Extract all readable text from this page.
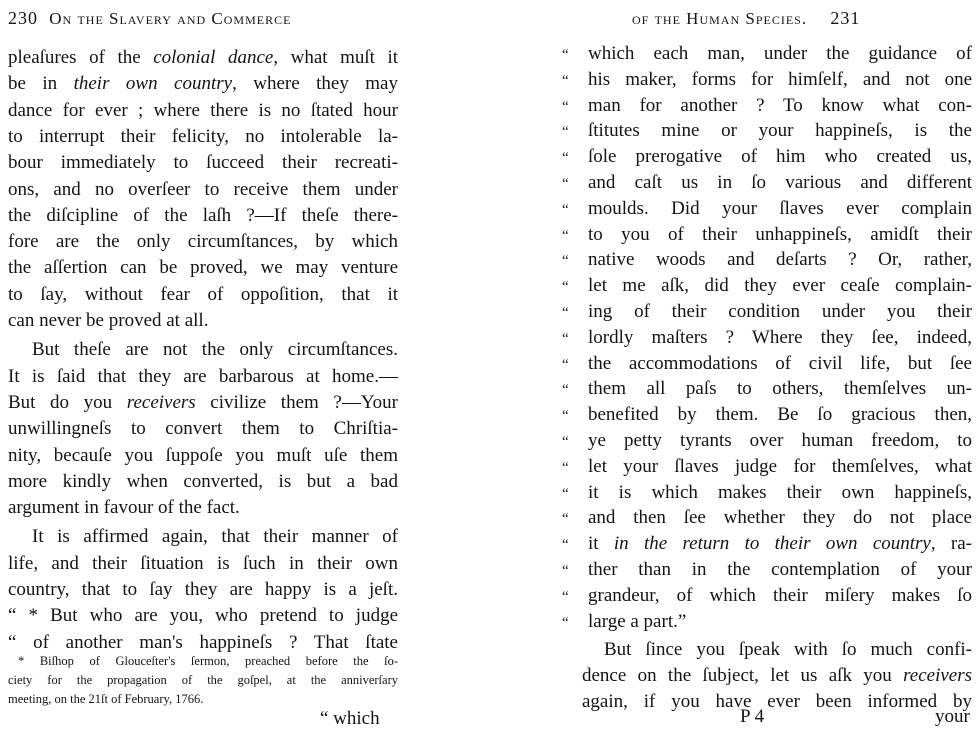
230 On the Slavery and Commerce
pleaſures of the colonial dance, what muſt it
be in their own country, where they may
dance for ever ; where there is no ſtated hour
to interrupt their felicity, no intolerable la-
bour immediately to ſucceed their recreati-
ons, and no overſeer to receive them under
the diſcipline of the laſh ?—If theſe there-
fore are the only circumſtances, by which
the aſſertion can be proved, we may venture
to ſay, without fear of oppoſition, that it
can never be proved at all.
But theſe are not the only circumſtances.
It is ſaid that they are barbarous at home.—
But do you receivers civilize them ?—Your
unwillingneſs to convert them to Chriſtia-
nity, becauſe you ſuppoſe you muſt uſe them
more kindly when converted, is but a bad
argument in favour of the fact.
It is affirmed again, that their manner of
life, and their ſituation is ſuch in their own
country, that to ſay they are happy is a jeſt.
“ * But who are you, who pretend to judge
“ of another man's happineſs ? That ſtate
* Biſhop of Glouceſter's ſermon, preached before the ſo-
ciety for the propagation of the goſpel, at the anniverſary
meeting, on the 21ſt of February, 1766.
“ which
of the Human Species. 231
“ which each man, under the guidance of
“ his maker, forms for himſelf, and not one
“ man for another ? To know what con-
“ ſtitutes mine or your happineſs, is the
“ ſole prerogative of him who created us,
“ and caſt us in ſo various and different
“ moulds. Did your ſlaves ever complain
“ to you of their unhappineſs, amidſt their
“ native woods and deſarts ? Or, rather,
“ let me aſk, did they ever ceaſe complain-
“ ing of their condition under you their
“ lordly maſters ? Where they ſee, indeed,
“ the accommodations of civil life, but ſee
“ them all paſs to others, themſelves un-
“ benefited by them. Be ſo gracious then,
“ ye petty tyrants over human freedom, to
“ let your ſlaves judge for themſelves, what
“ it is which makes their own happineſs,
“ and then ſee whether they do not place
“ it in the return to their own country, ra-
“ ther than in the contemplation of your
“ grandeur, of which their miſery makes ſo
“ large a part.”
But ſince you ſpeak with ſo much confi-
dence on the ſubject, let us aſk you receivers
again, if you have ever been informed by
P 4	your
